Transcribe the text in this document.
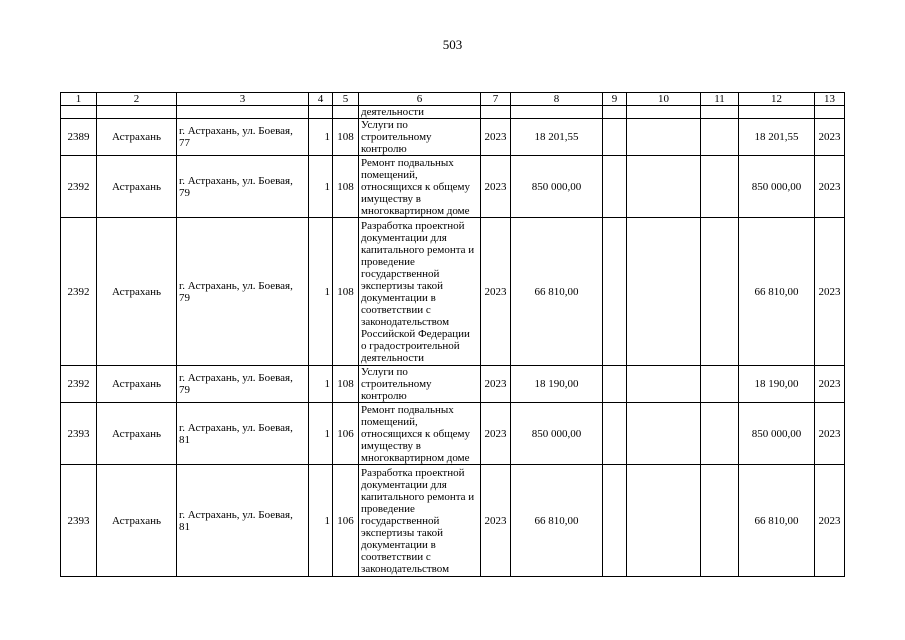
503
1	2	3	4	5	6	7	8	9	10	11	12	13
					деятельности							
2389	Астрахань	г. Астрахань, ул. Боевая, 77	1	108	Услуги по строительному контролю	2023	18 201,55				18 201,55	2023
2392	Астрахань	г. Астрахань, ул. Боевая, 79	1	108	Ремонт подвальных помещений, относящихся к общему имуществу в многоквартирном доме	2023	850 000,00				850 000,00	2023
2392	Астрахань	г. Астрахань, ул. Боевая, 79	1	108	Разработка проектной документации для капитального ремонта и проведение государственной экспертизы такой документации в соответствии с законодательством Российской Федерации о градостроительной деятельности	2023	66 810,00				66 810,00	2023
2392	Астрахань	г. Астрахань, ул. Боевая, 79	1	108	Услуги по строительному контролю	2023	18 190,00				18 190,00	2023
2393	Астрахань	г. Астрахань, ул. Боевая, 81	1	106	Ремонт подвальных помещений, относящихся к общему имуществу в многоквартирном доме	2023	850 000,00				850 000,00	2023
2393	Астрахань	г. Астрахань, ул. Боевая, 81	1	106	Разработка проектной документации для капитального ремонта и проведение государственной экспертизы такой документации в соответствии с законодательством	2023	66 810,00				66 810,00	2023
